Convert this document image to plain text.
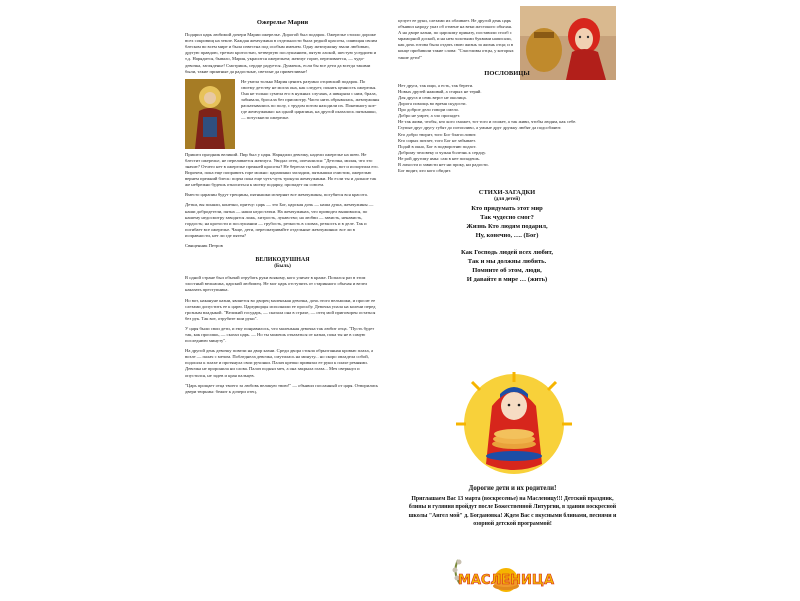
Ожерелье Марии

Подарил царь любимой дочери Марии ожерелье. Дорогой был подарок. Ожерелье стоило дороже всех сокровищ на земле. Каждая жемчужина в отдельности была редкой красоты, сияющая своим блеском во всем мире и была известна под особым именем. Одну жемчужину звали любовью, другую правдою, третью кротостью, четвертую послушанием, пятую лаской, шестую усердием и т.д. Нарядится, бывало, Мария, украсится ожерельем; жемчуг горит, переливается, — чудо-девочка, загляденье! Смотришь, сердце радуется. Думаешь, если бы все дети да всегда такими были, такие приятные да радостные, светлые да приветливые!

Не умела только Мария ценить разумно отцовский подарок. По своему детству не могла она, как следует, понять ценность ожерелья. Она не только сумела его в нужных случаях, а швыряла с ним, брала, забывала, бросала без присмотру. Часто нить обрывалась, жемчужины раскатывались по полу, с трудом потом находили их. Понемногу кое-где жемчужинки: на одной царапина, на другой оказалось пятнышко, — потускнело ожерелье.

Пришел праздник великий. Пир был у царя. Нарядили девочку, надели ожерелье на шею. Не блестит ожерелье, не переливается жемчуга. Увидал отец, опечалился: "Деточка, милая, что это значит? Отчего нет в ожерелье прежней красоты? Не берегла ты мой подарок, вот и испортила его. Впрочем, пока еще поправить горе можно: царапинки загладим, пятнышки очистим, ожерелью вернем прежний блеск: порча пока еще чуть-чуть тронула жемчужинки. Но если ты и дальше так же небрежно будешь относиться к моему подарку, пропадет он совсем.

Вместо царапин будут трещины, пятнышки исчернят все жемчужины, погубятся вся красота.

Детки, вы поняли, конечно, притчу: царь — это Бог, царская дочь — наша душа, жемчужины — наши добродетели, пятна — наши недостатки. На жемчужинах, что провидел вышивался, по нашему недосмотру заводятся ложь, хитрость, лукавство; на любви — зависть, ненависть, гордость; на кротости и послушании — грубость, резкость в словах, резкость и в деле. Так и погибает все ожерелье. Чаще, дети, пересматривайте отдельные жемчужинки: все ли в исправности, нет ли где пятен?

Священник Петров

ВЕЛИКОДУШНАЯ
(Быль)

В одной стране был обычай отрубать руки всякому, кого уличат в краже. Попался раз в этом злостный вельможа, царский любимец. Не мог царь отступить от старинного обычая и велел наказать преступника.

Но вот, накануне казни, является во дворец маленькая девочка, дочь этого вельможи, и просит ее слезами допустить ее к царю. Царедворцы исполнили ее просьбу. Девочка упала на колени перед грозным владыкой. "Великий государь, — сказала она в страхе, — отец мой приговорен остаться без рук. Так вот, отрубите мои руки".

У царя были свои дети, и ему понравилось, что маленькая девочка так любит отца. "Пусть будет так, как просишь, — сказал царь. — Но ты можешь отказаться от казни, пока ты не в самую последнюю минуту".

На другой день девочку повели на двор казни. Среди двора стояла обрызганная кровью плаха, а возле — палач с мечом. Побледнела девочка, смутилась на минуту... но скоро овладела собой, подошла к плахе и протянула свои ручонки. Палач крепко привязал ее руки к плахе ремнями. Девочка не проронила ни слова. Палач поднял меч, а она закрыла глаза... Меч сверкнул и опустился, не задев и края пальцев.

"Царь прощает отца твоего за любовь великую твою!" — объявил посланный от царя. Отворились двери тюрьмы: бежит к дочери отец,

целует ее руки, слезами их обливает. Не другой день царь объявил народу указ об отмене на веки жестокого обычая. А на дворе казни, по царскому приказу, поставили столб с мраморной доской, и на нем золотыми буквами написали, как дочь готова была отдать свою жизнь за жизнь отца; и в конце прибавили такие слова: "Счастливы отцы, у которых такие дети!"

ПОСЛОВИЦЫ
Нет друга, так ищи, а есть, так береги.
Новых друзей наживай, а старых не теряй.
Для друга и семь верст не околица.
Дорога помощь во время скудости.
Про доброе дело говори смело.
Добро не умрет, а зло пропадет.
Не так живи, чтобы, кто кого сможет, тот того и гложет, а так живи, чтобы людям, как себе.
Глупые друг другу губят до потопливо, а умные друг дружку любят да подсобляют.
Кто добро творит, того Бог благословит.
Кто сирых питает, того Бог не забывает.
Подай в окно, Бог в подворотню подаст.
Доброму человеку и чужая болезнь к сердцу.
Не рой другому ямы: сам в нее попадешь.
В лихости и зависти нет ни проку, ни радости.
Бог видит, кто кого обидит.
СТИХИ-ЗАГАДКИ
(для детей)
Кто придумать этот мир
Так чудесно смог?
Жизнь Кто людям подарил,
Ну, конечно, …. (Бог)
Как Господь людей всех любит,
Так и мы должны любить.
Помните об этом, люди,
И давайте в мире … (жить)
Дорогие дети и их родители!
Приглашаем Вас 13 марта (воскресенье) на Масленицу!!! Детский праздник, блины и гуляния пройдут после Божественной Литургии, в здании воскресной школы "Ангел мой" д. Богдановка! Ждем Вас с вкусными блинами, песнями и озорной детской программой!
МАСЛЕНИЦА
